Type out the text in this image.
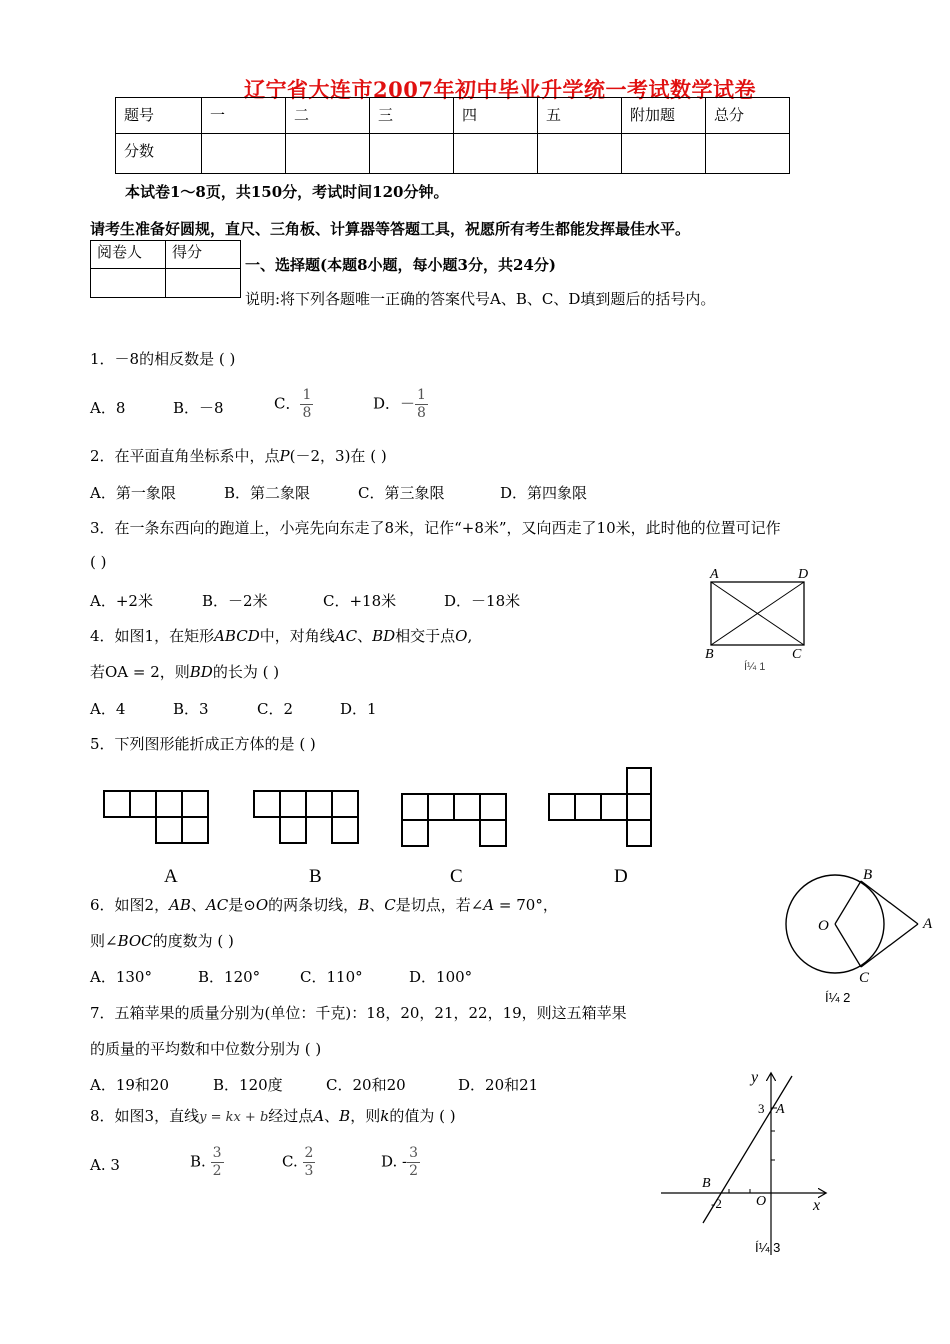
辽宁省大连市2007年初中毕业升学统一考试数学试卷
题号	一	二	三	四	五	附加题	总分
分数							
本试卷1～8页，共150分，考试时间120分钟。
请考生准备好圆规，直尺、三角板、计算器等答题工具，祝愿所有考生都能发挥最佳水平。
阅卷人	得分

一、选择题(本题8小题，每小题3分，共24分)
说明:将下列各题唯一正确的答案代号A、B、C、D填到题后的括号内。
1．－8的相反数是 ( )
A．8	B．－8	C． $\frac{1}{8}$	D．－ $\frac{1}{8}$
2．在平面直角坐标系中，点P(－2，3)在 ( )
A．第一象限	B．第二象限	C．第三象限	D．第四象限
3．在一条东西向的跑道上，小亮先向东走了8米，记作“+8米”，又向西走了10米，此时他的位置可记作
( )
A．+2米	B．－2米	C．+18米	D．－18米
A	D
B	C
Í¼ 1
4．如图1，在矩形ABCD中，对角线AC、BD相交于点O,
若OA = 2，则BD的长为 ( )
A．4	B．3	C．2	D．1
5．下列图形能折成正方体的是 ( )
A	B	C	D
6．如图2，AB、AC是⊙O的两条切线，B、C是切点，若∠A = 70°，
则∠BOC的度数为 ( )
A．130°	B．120°	C．110°	D．100°
O	A
B
C
Í¼ 2
7．五箱苹果的质量分别为(单位：千克)：18，20，21，22，19，则这五箱苹果
的质量的平均数和中位数分别为 ( )
A．19和20	B．120度	C．20和20	D．20和21
8．如图3，直线y = kx + b经过点A、B，则k的值为 ( )
A. 3	B. $\frac{3}{2}$	C. $\frac{2}{3}$	D. - $\frac{3}{2}$
y
x
3 A
B
-2 O
Í¼ 3
